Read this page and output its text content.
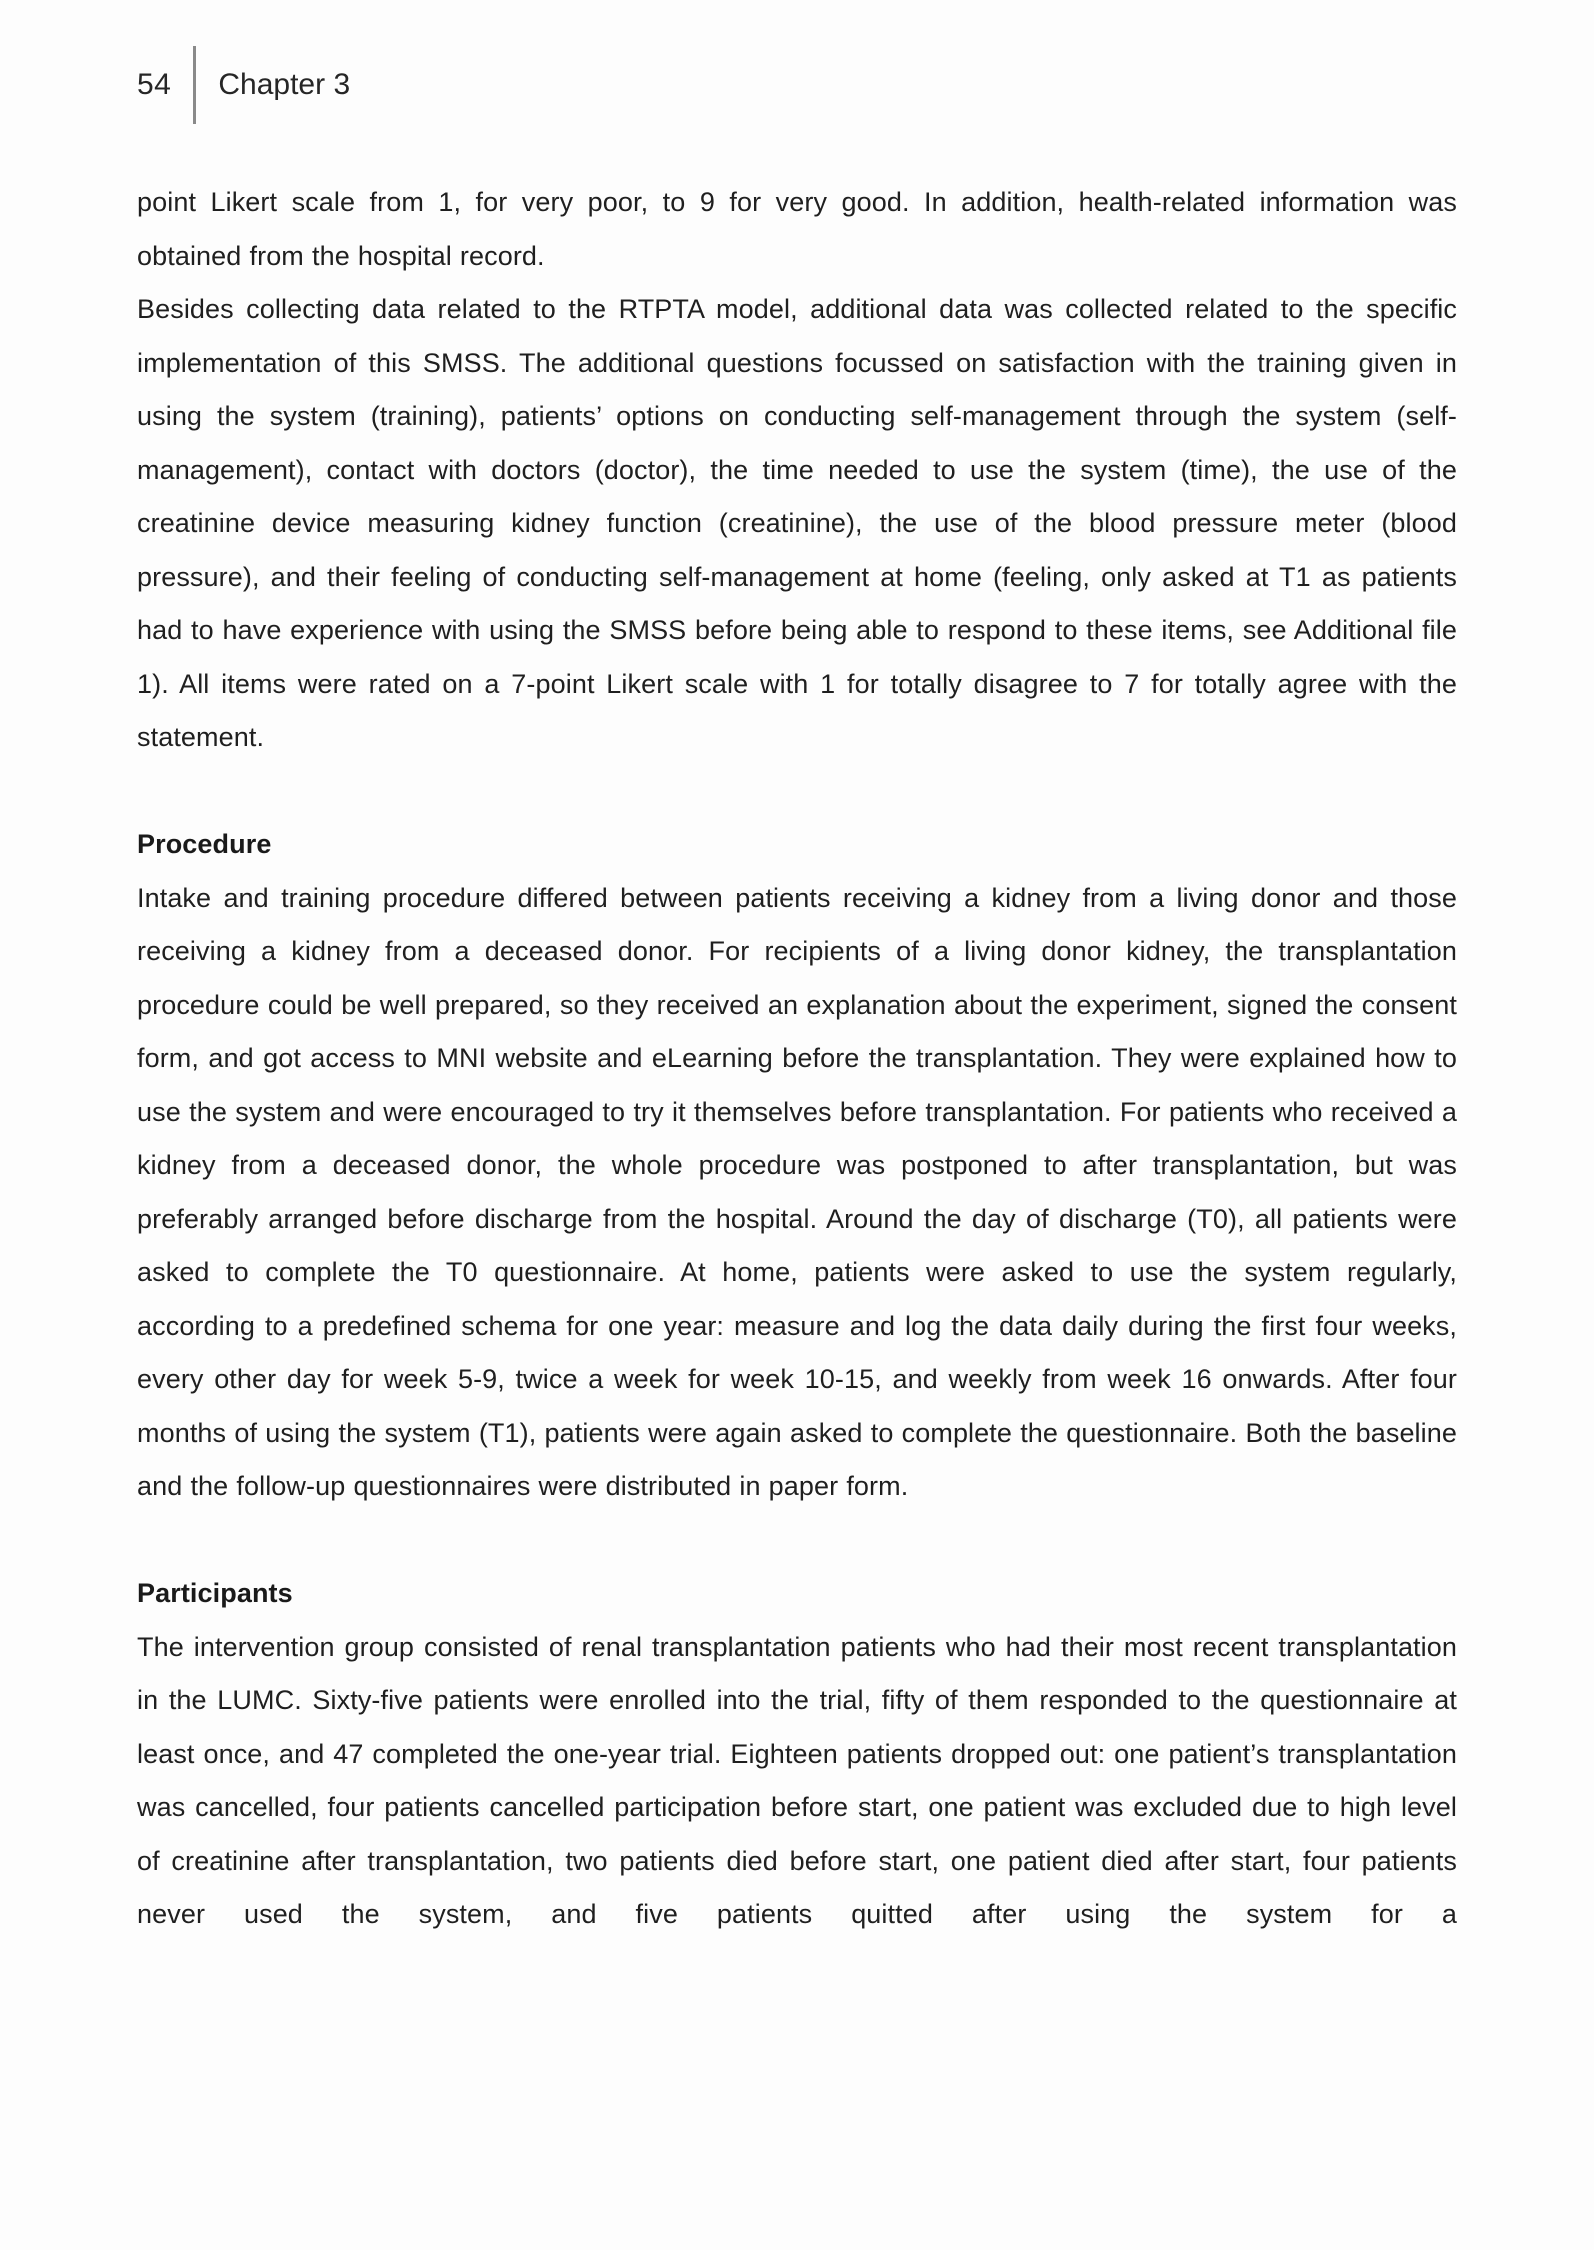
54 Chapter 3

point Likert scale from 1, for very poor, to 9 for very good. In addition, health-related information was obtained from the hospital record.

Besides collecting data related to the RTPTA model, additional data was collected related to the specific implementation of this SMSS. The additional questions focussed on satisfaction with the training given in using the system (training), patients’ options on conducting self-management through the system (self-management), contact with doctors (doctor), the time needed to use the system (time), the use of the creatinine device measuring kidney function (creatinine), the use of the blood pressure meter (blood pressure), and their feeling of conducting self-management at home (feeling, only asked at T1 as patients had to have experience with using the SMSS before being able to respond to these items, see Additional file 1). All items were rated on a 7-point Likert scale with 1 for totally disagree to 7 for totally agree with the statement.

Procedure

Intake and training procedure differed between patients receiving a kidney from a living donor and those receiving a kidney from a deceased donor. For recipients of a living donor kidney, the transplantation procedure could be well prepared, so they received an explanation about the experiment, signed the consent form, and got access to MNI website and eLearning before the transplantation. They were explained how to use the system and were encouraged to try it themselves before transplantation. For patients who received a kidney from a deceased donor, the whole procedure was postponed to after transplantation, but was preferably arranged before discharge from the hospital. Around the day of discharge (T0), all patients were asked to complete the T0 questionnaire. At home, patients were asked to use the system regularly, according to a predefined schema for one year: measure and log the data daily during the first four weeks, every other day for week 5-9, twice a week for week 10-15, and weekly from week 16 onwards. After four months of using the system (T1), patients were again asked to complete the questionnaire. Both the baseline and the follow-up questionnaires were distributed in paper form.

Participants

The intervention group consisted of renal transplantation patients who had their most recent transplantation in the LUMC. Sixty-five patients were enrolled into the trial, fifty of them responded to the questionnaire at least once, and 47 completed the one-year trial. Eighteen patients dropped out: one patient’s transplantation was cancelled, four patients cancelled participation before start, one patient was excluded due to high level of creatinine after transplantation, two patients died before start, one patient died after start, four patients never used the system, and five patients quitted after using the system for a
